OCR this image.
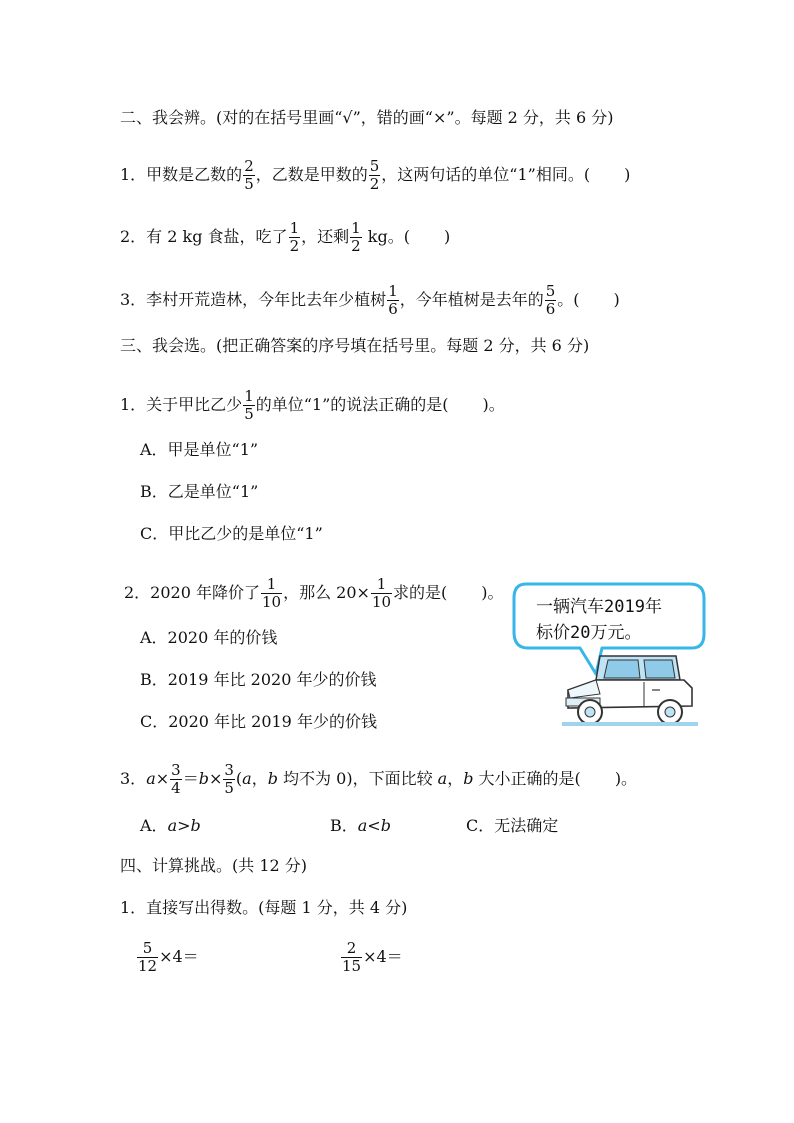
二、我会辨。(对的在括号里画“√”，错的画“×”。每题 2 分，共 6 分)
1．甲数是乙数的 $\frac{2}{5}$ ，乙数是甲数的 $\frac{5}{2}$ ，这两句话的单位“1”相同。( )
2．有 2 kg 食盐，吃了 $\frac{1}{2}$ ，还剩 $\frac{1}{2}$ kg。( )
3．李村开荒造林，今年比去年少植树 $\frac{1}{6}$ ，今年植树是去年的 $\frac{5}{6}$ 。( )
三、我会选。(把正确答案的序号填在括号里。每题 2 分，共 6 分)
1．关于甲比乙少 $\frac{1}{5}$ 的单位“1”的说法正确的是( )。
A．甲是单位“1”
B．乙是单位“1”
C．甲比乙少的是单位“1”
2．2020 年降价了 $\frac{1}{10}$ ，那么 $20\times \frac{1}{10}$ 求的是( )。
A．2020 年的价钱
B．2019 年比 2020 年少的价钱
C．2020 年比 2019 年少的价钱
一辆汽车2019年
标价20万元。
3．$a\times \frac{3}{4} =b\times \frac{3}{5} (a$，b 均不为 0)，下面比较 a，b 大小正确的是( )。
A．a>b	B．a<b	C．无法确定
四、计算挑战。(共 12 分)
1．直接写出得数。(每题 1 分，共 4 分)
$\frac{5}{12} \times 4=$	$\frac{2}{15} \times 4=$
